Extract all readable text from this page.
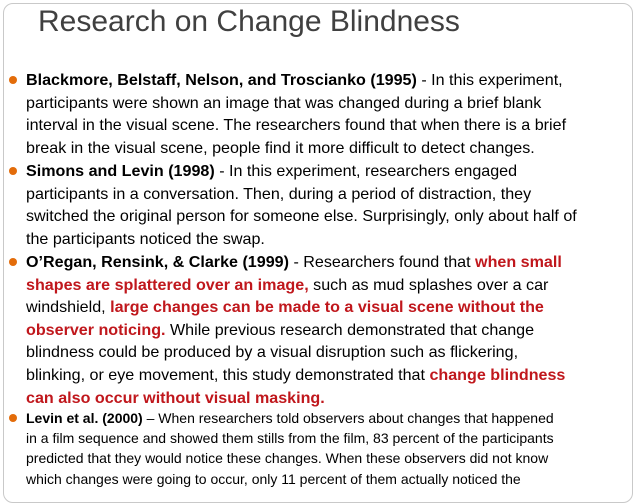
Research on Change Blindness
Blackmore, Belstaff, Nelson, and Troscianko (1995) - In this experiment,
participants were shown an image that was changed during a brief blank
interval in the visual scene. The researchers found that when there is a brief
break in the visual scene, people find it more difficult to detect changes.
Simons and Levin (1998) - In this experiment, researchers engaged
participants in a conversation. Then, during a period of distraction, they
switched the original person for someone else. Surprisingly, only about half of
the participants noticed the swap.
O’Regan, Rensink, & Clarke (1999) - Researchers found that when small
shapes are splattered over an image, such as mud splashes over a car
windshield, large changes can be made to a visual scene without the
observer noticing. While previous research demonstrated that change
blindness could be produced by a visual disruption such as flickering,
blinking, or eye movement, this study demonstrated that change blindness
can also occur without visual masking.
Levin et al. (2000) – When researchers told observers about changes that happened
in a film sequence and showed them stills from the film, 83 percent of the participants
predicted that they would notice these changes. When these observers did not know
which changes were going to occur, only 11 percent of them actually noticed the
